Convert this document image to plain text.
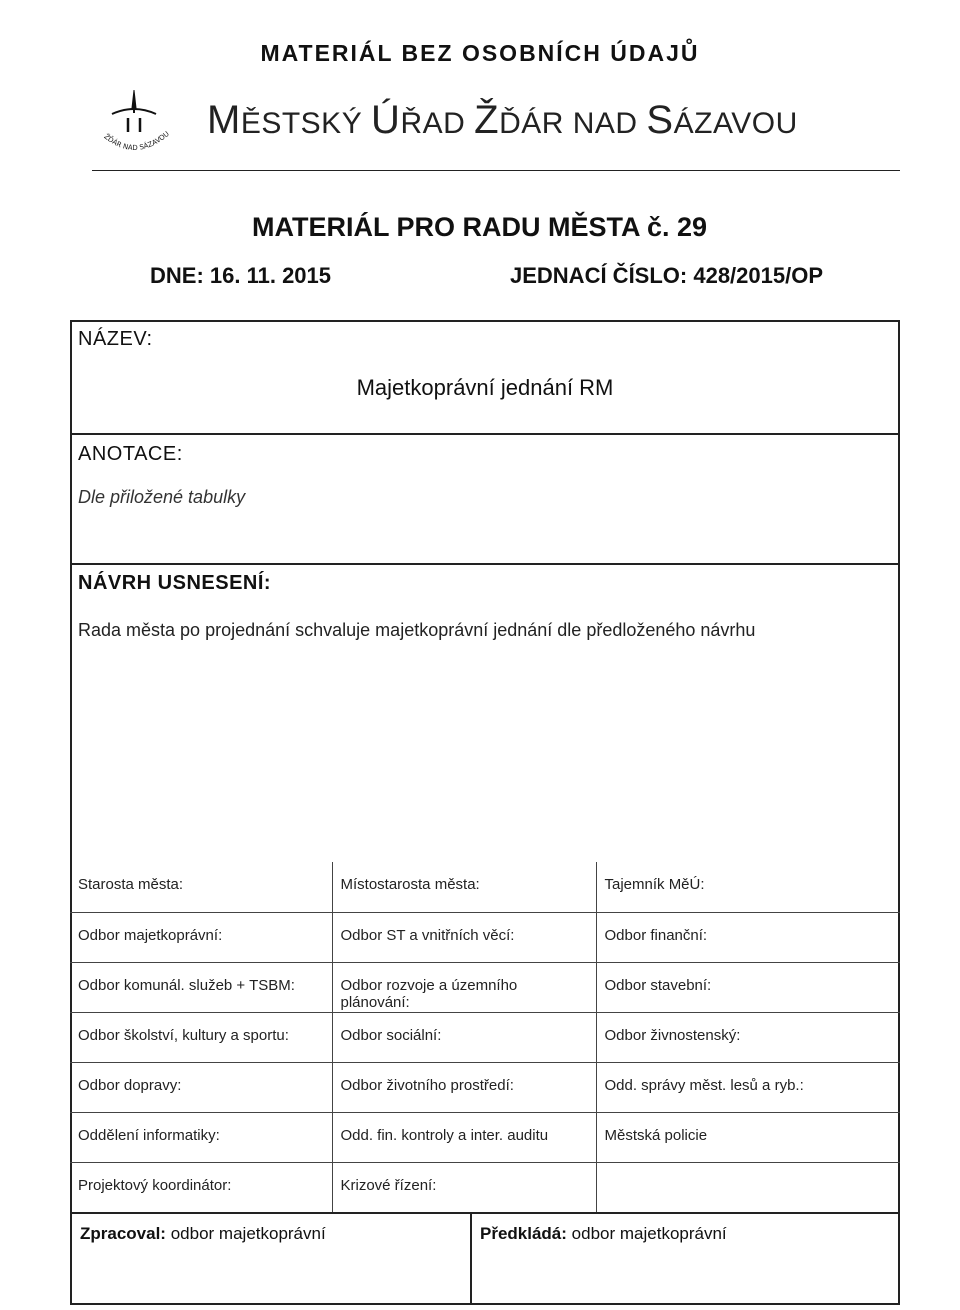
MATERIÁL BEZ OSOBNÍCH ÚDAJŮ
ŽĎÁR NAD SÁZAVOU MĚSTSKÝ ÚŘAD ŽĎÁR NAD SÁZAVOU
MATERIÁL PRO RADU MĚSTA č. 29
DNE: 16. 11. 2015	JEDNACÍ ČÍSLO: 428/2015/OP
NÁZEV:
Majetkoprávní jednání RM
ANOTACE:
Dle přiložené tabulky
NÁVRH USNESENÍ:
Rada města po projednání schvaluje majetkoprávní jednání dle předloženého návrhu
Starosta města:	Místostarosta města:	Tajemník MěÚ:
Odbor majetkoprávní:	Odbor ST a vnitřních věcí:	Odbor finanční:
Odbor komunál. služeb + TSBM:	Odbor rozvoje a územního plánování:	Odbor stavební:
Odbor školství, kultury a sportu:	Odbor sociální:	Odbor živnostenský:
Odbor dopravy:	Odbor životního prostředí:	Odd. správy měst. lesů a ryb.:
Oddělení informatiky:	Odd. fin. kontroly a inter. auditu	Městská policie
Projektový koordinátor:	Krizové řízení:	
Zpracoval: odbor majetkoprávní	Předkládá: odbor majetkoprávní
